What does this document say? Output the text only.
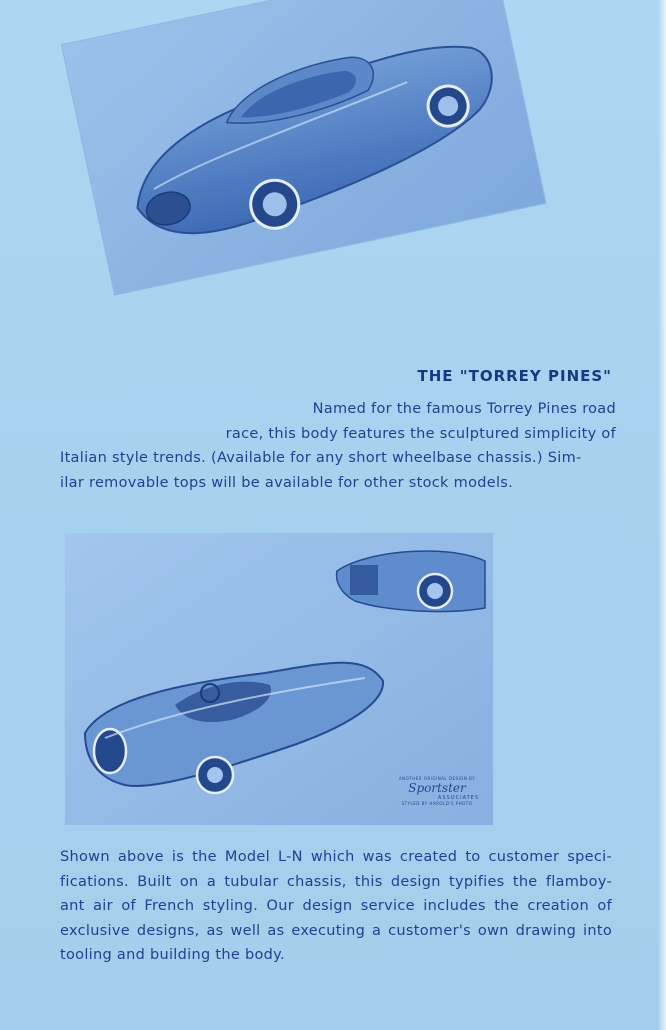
THE "TORREY PINES"
Named for the famous Torrey Pines road
race, this body features the sculptured simplicity of
Italian style trends. (Available for any short wheelbase chassis.) Sim-
ilar removable tops will be available for other stock models.
ANOTHER ORIGINAL DESIGN BY
Sportster
ASSOCIATES
STYLED BY HAROLD'S PHOTO
Shown above is the Model L-N which was created to customer speci-
fications. Built on a tubular chassis, this design typifies the flamboy-
ant air of French styling. Our design service includes the creation of
exclusive designs, as well as executing a customer's own drawing into
tooling and building the body.
